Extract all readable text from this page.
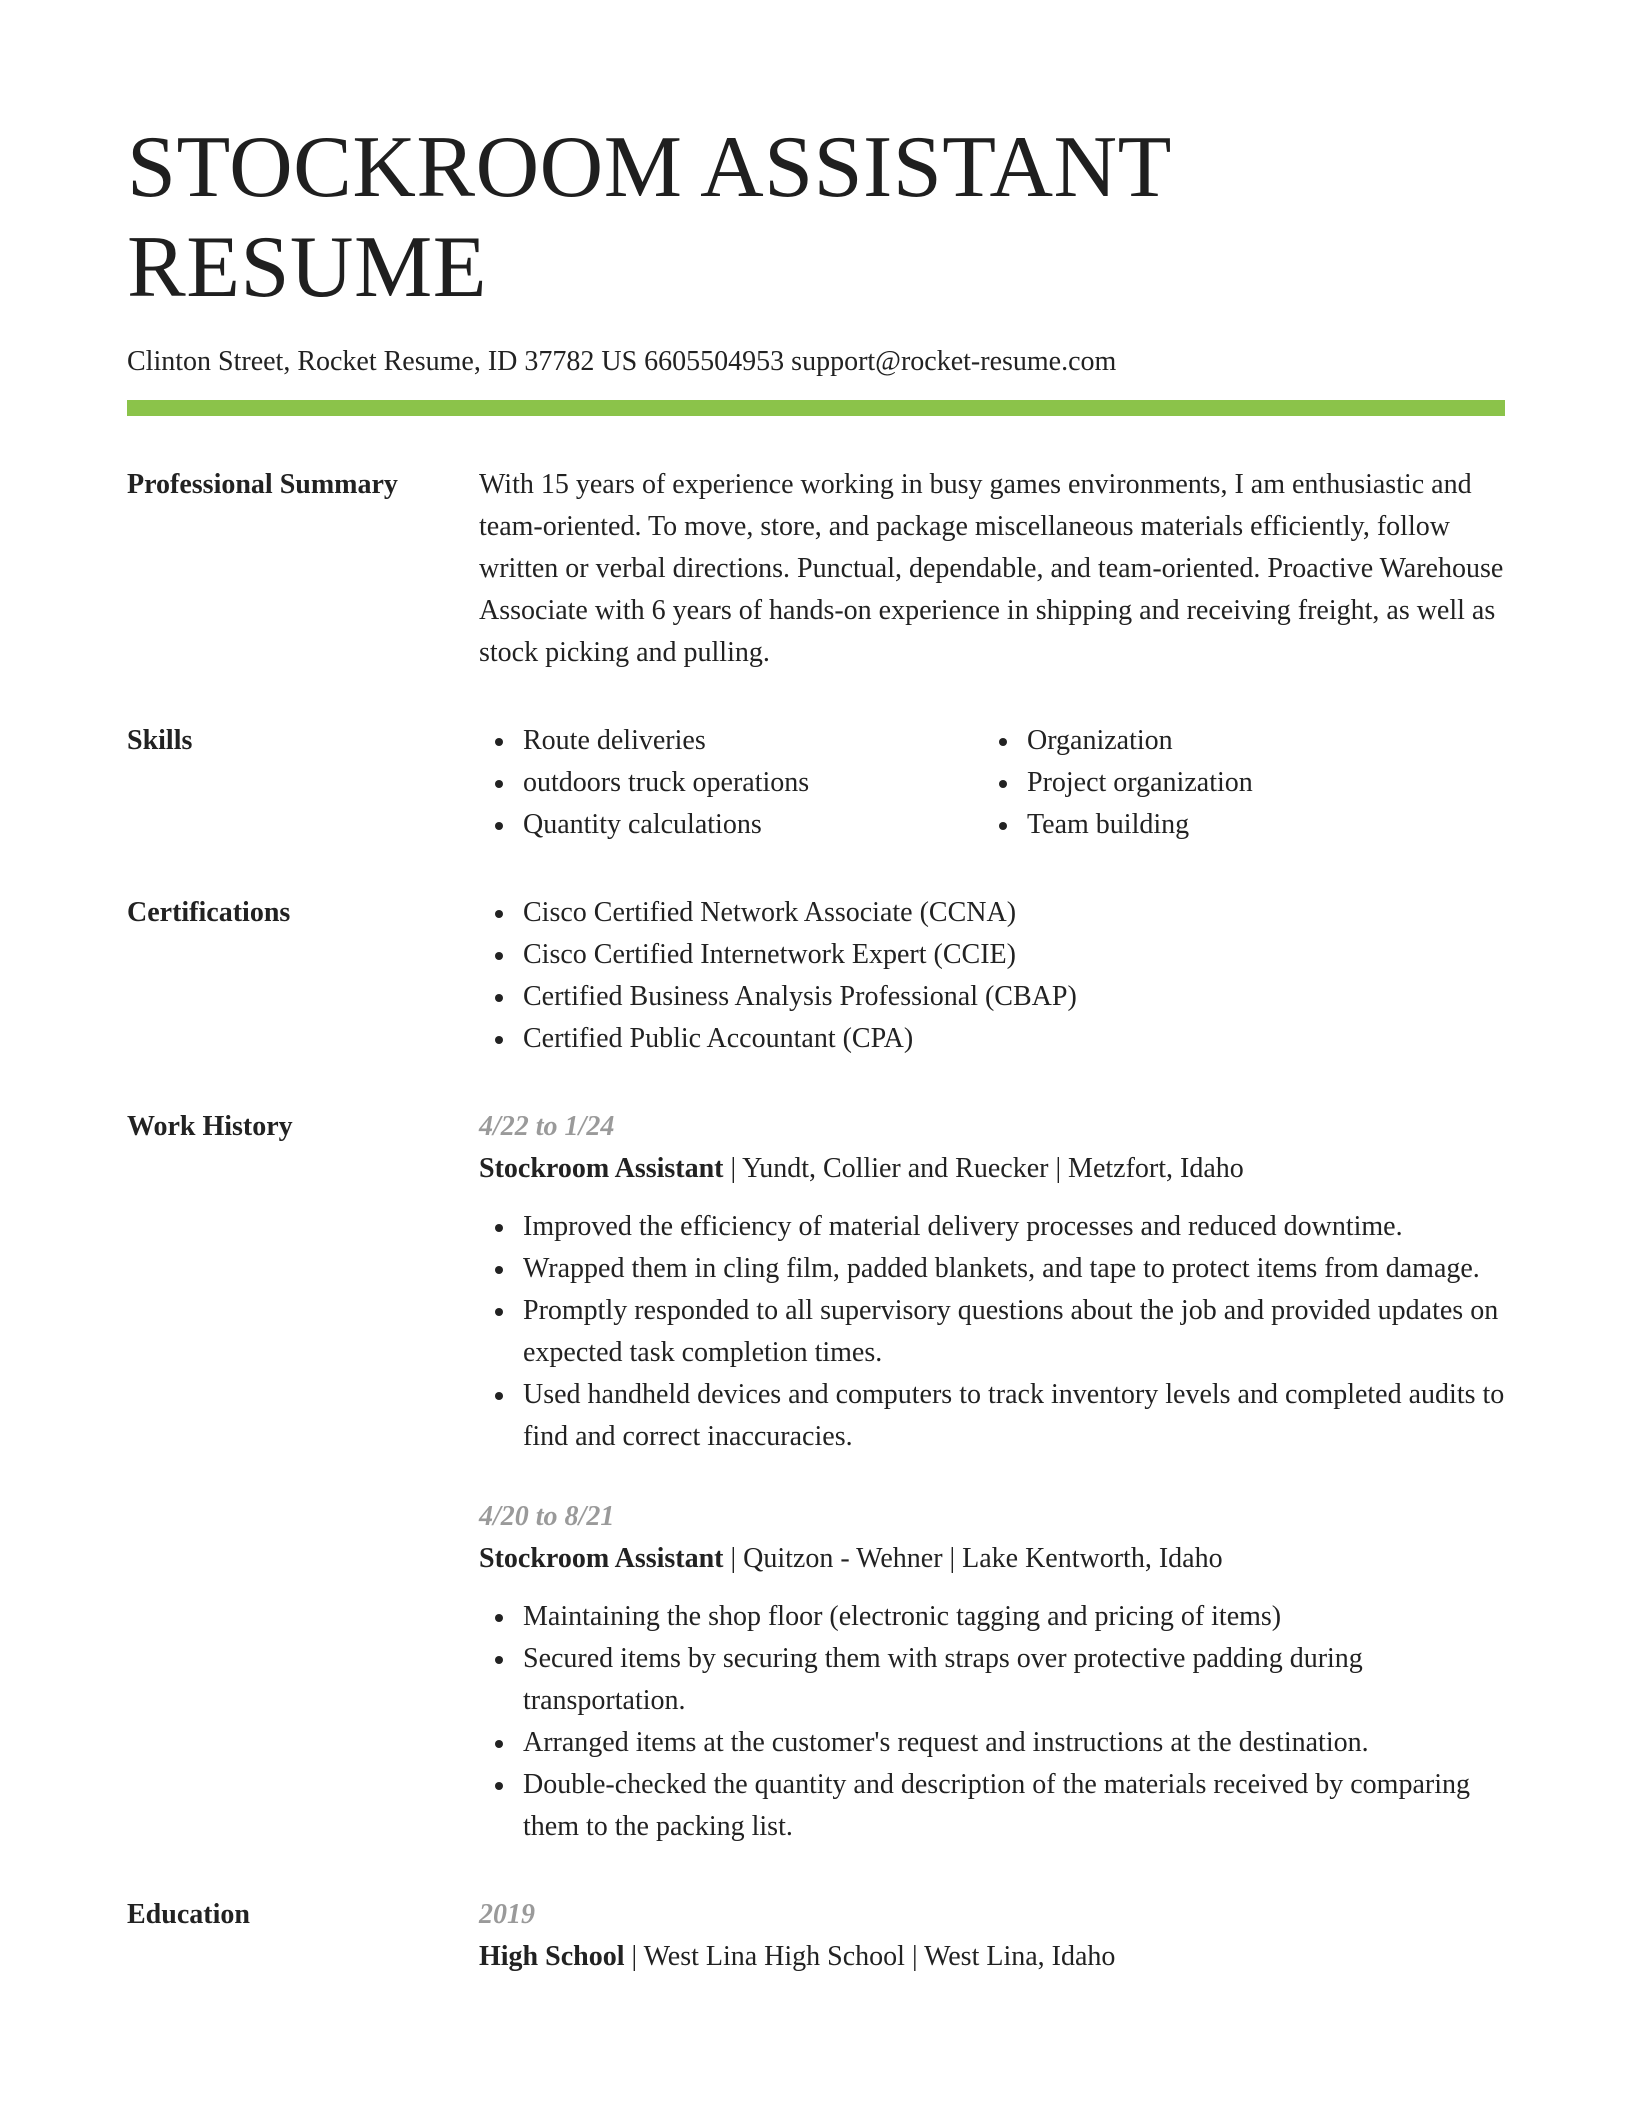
STOCKROOM ASSISTANT RESUME
Clinton Street, Rocket Resume, ID 37782 US 6605504953 support@rocket-resume.com
Professional Summary	With 15 years of experience working in busy games environments, I am enthusiastic and team-oriented. To move, store, and package miscellaneous materials efficiently, follow written or verbal directions. Punctual, dependable, and team-oriented. Proactive Warehouse Associate with 6 years of hands-on experience in shipping and receiving freight, as well as stock picking and pulling.

Skills	Route deliveries
outdoors truck operations
Quantity calculations
Organization
Project organization
Team building
Certifications	Cisco Certified Network Associate (CCNA)
Cisco Certified Internetwork Expert (CCIE)
Certified Business Analysis Professional (CBAP)
Certified Public Accountant (CPA)
Work History	4/22 to 1/24
Stockroom Assistant | Yundt, Collier and Ruecker | Metzfort, Idaho
Improved the efficiency of material delivery processes and reduced downtime.
Wrapped them in cling film, padded blankets, and tape to protect items from damage.
Promptly responded to all supervisory questions about the job and provided updates on expected task completion times.
Used handheld devices and computers to track inventory levels and completed audits to find and correct inaccuracies.
4/20 to 8/21
Stockroom Assistant | Quitzon - Wehner | Lake Kentworth, Idaho
Maintaining the shop floor (electronic tagging and pricing of items)
Secured items by securing them with straps over protective padding during transportation.
Arranged items at the customer's request and instructions at the destination.
Double-checked the quantity and description of the materials received by comparing them to the packing list.
Education	2019
High School | West Lina High School | West Lina, Idaho
